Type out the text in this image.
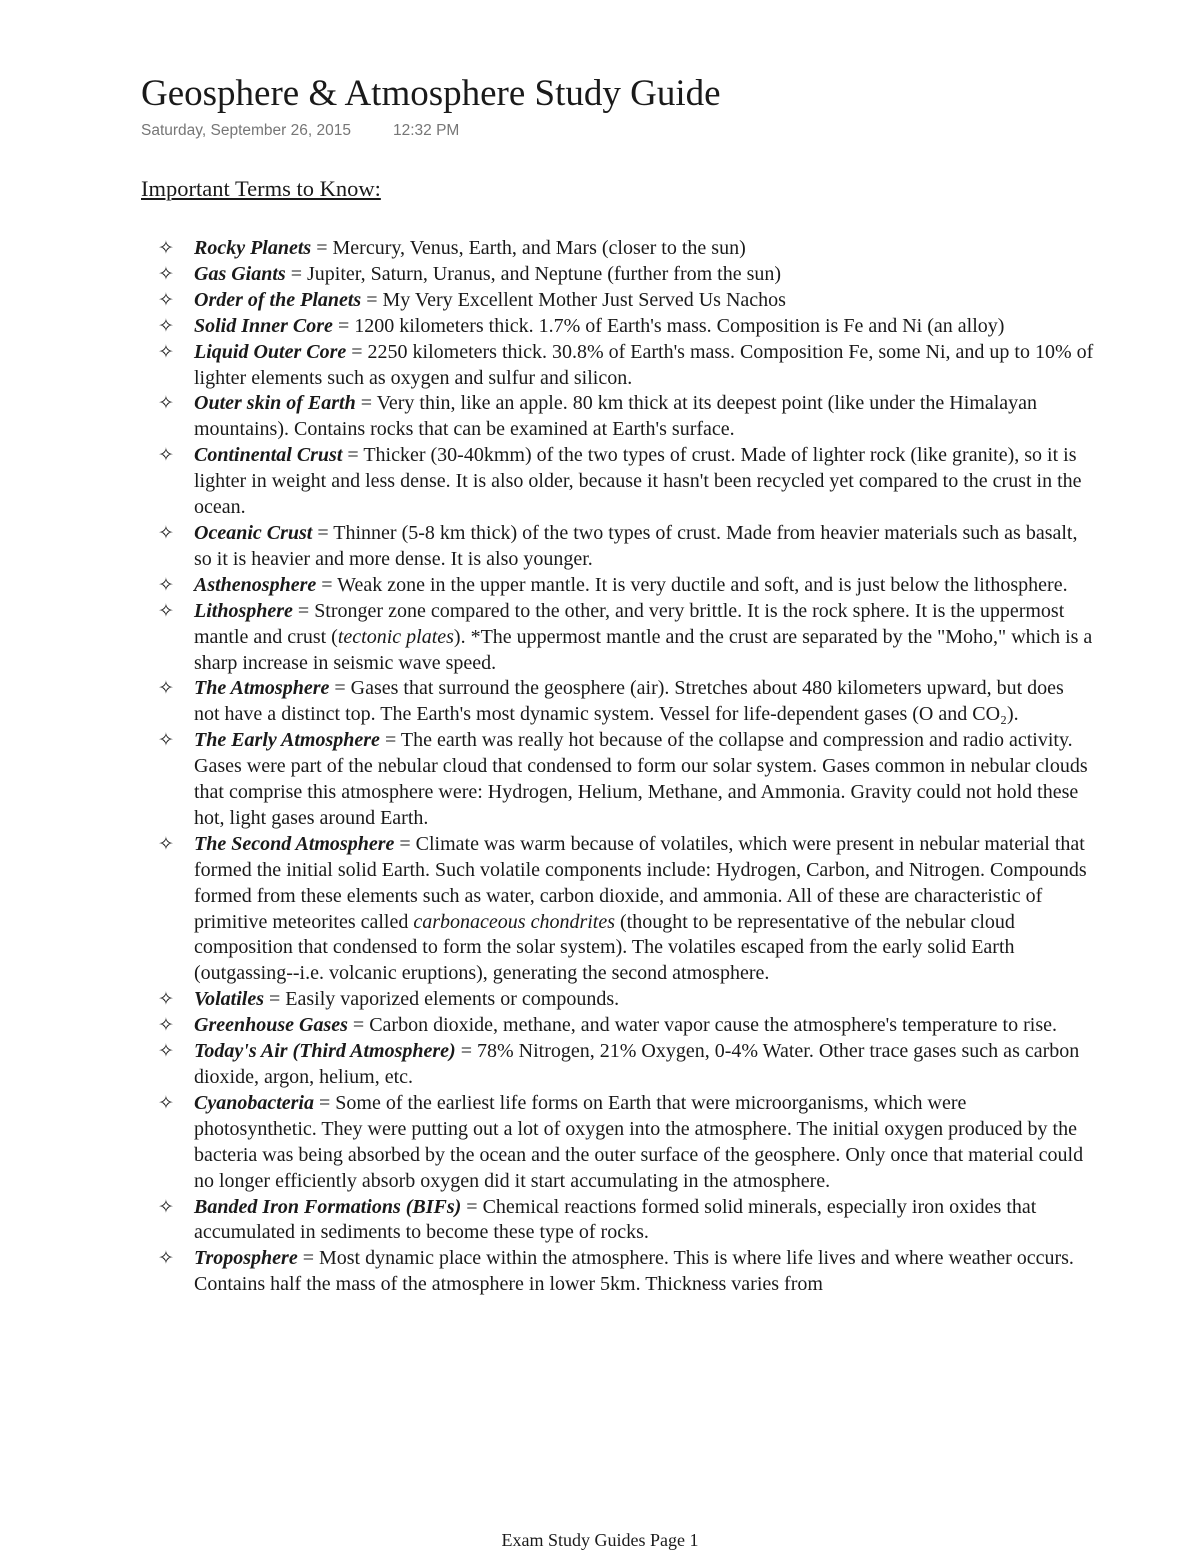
Geosphere & Atmosphere Study Guide
Saturday, September 26, 2015	12:32 PM
Important Terms to Know:
✧ Rocky Planets = Mercury, Venus, Earth, and Mars (closer to the sun)
✧ Gas Giants = Jupiter, Saturn, Uranus, and Neptune (further from the sun)
✧ Order of the Planets = My Very Excellent Mother Just Served Us Nachos
✧ Solid Inner Core = 1200 kilometers thick. 1.7% of Earth's mass. Composition is Fe and Ni (an alloy)
✧ Liquid Outer Core = 2250 kilometers thick. 30.8% of Earth's mass. Composition Fe, some Ni, and up to 10% of lighter elements such as oxygen and sulfur and silicon.
✧ Outer skin of Earth = Very thin, like an apple. 80 km thick at its deepest point (like under the Himalayan mountains). Contains rocks that can be examined at Earth's surface.
✧ Continental Crust = Thicker (30-40kmm) of the two types of crust. Made of lighter rock (like granite), so it is lighter in weight and less dense. It is also older, because it hasn't been recycled yet compared to the crust in the ocean.
✧ Oceanic Crust = Thinner (5-8 km thick) of the two types of crust. Made from heavier materials such as basalt, so it is heavier and more dense. It is also younger.
✧ Asthenosphere = Weak zone in the upper mantle. It is very ductile and soft, and is just below the lithosphere.
✧ Lithosphere = Stronger zone compared to the other, and very brittle. It is the rock sphere. It is the uppermost mantle and crust (tectonic plates). *The uppermost mantle and the crust are separated by the "Moho," which is a sharp increase in seismic wave speed.
✧ The Atmosphere = Gases that surround the geosphere (air). Stretches about 480 kilometers upward, but does not have a distinct top. The Earth's most dynamic system. Vessel for life-dependent gases (O and CO₂).
✧ The Early Atmosphere = The earth was really hot because of the collapse and compression and radio activity. Gases were part of the nebular cloud that condensed to form our solar system. Gases common in nebular clouds that comprise this atmosphere were: Hydrogen, Helium, Methane, and Ammonia. Gravity could not hold these hot, light gases around Earth.
✧ The Second Atmosphere = Climate was warm because of volatiles, which were present in nebular material that formed the initial solid Earth. Such volatile components include: Hydrogen, Carbon, and Nitrogen. Compounds formed from these elements such as water, carbon dioxide, and ammonia. All of these are characteristic of primitive meteorites called carbonaceous chondrites (thought to be representative of the nebular cloud composition that condensed to form the solar system). The volatiles escaped from the early solid Earth (outgassing--i.e. volcanic eruptions), generating the second atmosphere.
✧ Volatiles = Easily vaporized elements or compounds.
✧ Greenhouse Gases = Carbon dioxide, methane, and water vapor cause the atmosphere's temperature to rise.
✧ Today's Air (Third Atmosphere) = 78% Nitrogen, 21% Oxygen, 0-4% Water. Other trace gases such as carbon dioxide, argon, helium, etc.
✧ Cyanobacteria = Some of the earliest life forms on Earth that were microorganisms, which were photosynthetic. They were putting out a lot of oxygen into the atmosphere. The initial oxygen produced by the bacteria was being absorbed by the ocean and the outer surface of the geosphere. Only once that material could no longer efficiently absorb oxygen did it start accumulating in the atmosphere.
✧ Banded Iron Formations (BIFs) = Chemical reactions formed solid minerals, especially iron oxides that accumulated in sediments to become these type of rocks.
✧ Troposphere = Most dynamic place within the atmosphere. This is where life lives and where weather occurs. Contains half the mass of the atmosphere in lower 5km. Thickness varies from
Exam Study Guides Page 1
